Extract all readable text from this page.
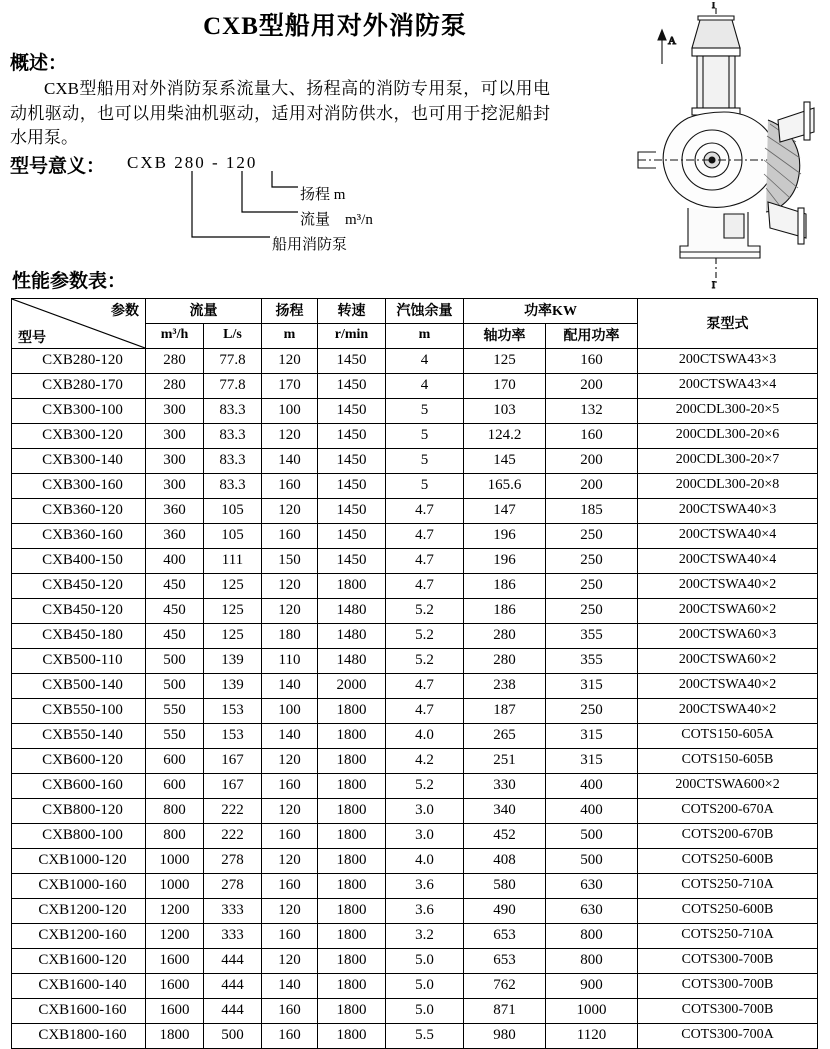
CXB型船用对外消防泵
A
I
I
概述：

CXB型船用对外消防泵系流量大、扬程高的消防专用泵，可以用电动机驱动，也可以用柴油机驱动，适用对消防供水，也可用于挖泥船封水用泵。

型号意义： CXB 280 - 120
扬程 m
流量　m³/n
船用消防泵
性能参数表：
参数
型号	流量		扬程	转速	汽蚀余量	功率KW		泵型式
	m³/h	L/s	m	r/min	m	轴功率	配用功率	
CXB280-120	280	77.8	120	1450	4	125	160	200CTSWA43×3
CXB280-170	280	77.8	170	1450	4	170	200	200CTSWA43×4
CXB300-100	300	83.3	100	1450	5	103	132	200CDL300-20×5
CXB300-120	300	83.3	120	1450	5	124.2	160	200CDL300-20×6
CXB300-140	300	83.3	140	1450	5	145	200	200CDL300-20×7
CXB300-160	300	83.3	160	1450	5	165.6	200	200CDL300-20×8
CXB360-120	360	105	120	1450	4.7	147	185	200CTSWA40×3
CXB360-160	360	105	160	1450	4.7	196	250	200CTSWA40×4
CXB400-150	400	111	150	1450	4.7	196	250	200CTSWA40×4
CXB450-120	450	125	120	1800	4.7	186	250	200CTSWA40×2
CXB450-120	450	125	120	1480	5.2	186	250	200CTSWA60×2
CXB450-180	450	125	180	1480	5.2	280	355	200CTSWA60×3
CXB500-110	500	139	110	1480	5.2	280	355	200CTSWA60×2
CXB500-140	500	139	140	2000	4.7	238	315	200CTSWA40×2
CXB550-100	550	153	100	1800	4.7	187	250	200CTSWA40×2
CXB550-140	550	153	140	1800	4.0	265	315	COTS150-605A
CXB600-120	600	167	120	1800	4.2	251	315	COTS150-605B
CXB600-160	600	167	160	1800	5.2	330	400	200CTSWA600×2
CXB800-120	800	222	120	1800	3.0	340	400	COTS200-670A
CXB800-100	800	222	160	1800	3.0	452	500	COTS200-670B
CXB1000-120	1000	278	120	1800	4.0	408	500	COTS250-600B
CXB1000-160	1000	278	160	1800	3.6	580	630	COTS250-710A
CXB1200-120	1200	333	120	1800	3.6	490	630	COTS250-600B
CXB1200-160	1200	333	160	1800	3.2	653	800	COTS250-710A
CXB1600-120	1600	444	120	1800	5.0	653	800	COTS300-700B
CXB1600-140	1600	444	140	1800	5.0	762	900	COTS300-700B
CXB1600-160	1600	444	160	1800	5.0	871	1000	COTS300-700B
CXB1800-160	1800	500	160	1800	5.5	980	1120	COTS300-700A
